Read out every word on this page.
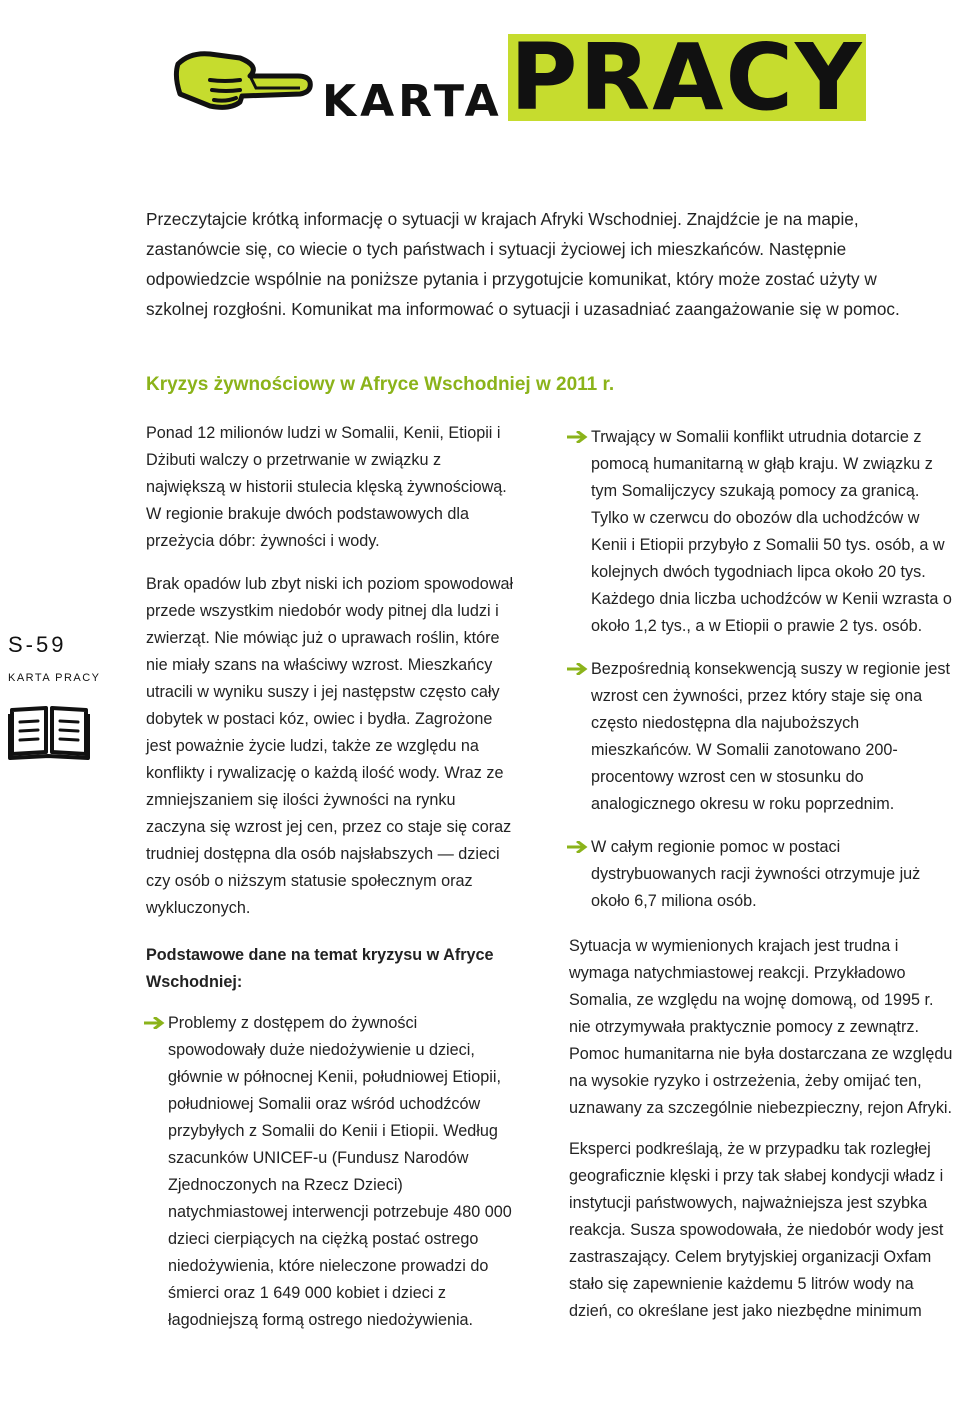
KARTA PRACY
Przeczytajcie krótką informację o sytuacji w krajach Afryki Wschodniej. Znajdźcie je na mapie, zastanówcie się, co wiecie o tych państwach i sytuacji życiowej ich mieszkańców. Następnie odpowiedzcie wspólnie na poniższe pytania i przygotujcie komunikat, który może zostać użyty w szkolnej rozgłośni. Komunikat ma informować o sytuacji i uzasadniać zaangażowanie się w pomoc.
Kryzys żywnościowy w Afryce Wschodniej w 2011 r.
S-59
KARTA PRACY

Ponad 12 milionów ludzi w Somalii, Kenii, Etiopii i Dżibuti walczy o przetrwanie w związku z największą w historii stulecia klęską żywnościową. W regionie brakuje dwóch podstawowych dla przeżycia dóbr: żywności i wody.

Brak opadów lub zbyt niski ich poziom spowodował przede wszystkim niedobór wody pitnej dla ludzi i zwierząt. Nie mówiąc już o uprawach roślin, które nie miały szans na właściwy wzrost. Mieszkańcy utracili w wyniku suszy i jej następstw często cały dobytek w postaci kóz, owiec i bydła. Zagrożone jest poważnie życie ludzi, także ze względu na konflikty i rywalizację o każdą ilość wody. Wraz ze zmniejszaniem się ilości żywności na rynku zaczyna się wzrost jej cen, przez co staje się coraz trudniej dostępna dla osób najsłabszych — dzieci czy osób o niższym statusie społecznym oraz wykluczonych.

Podstawowe dane na temat kryzysu w Afryce Wschodniej:

Problemy z dostępem do żywności spowodowały duże niedożywienie u dzieci, głównie w północnej Kenii, południowej Etiopii, południowej Somalii oraz wśród uchodźców przybyłych z Somalii do Kenii i Etiopii. Według szacunków UNICEF-u (Fundusz Narodów Zjednoczonych na Rzecz Dzieci) natychmiastowej interwencji potrzebuje 480 000 dzieci cierpiących na ciężką postać ostrego niedożywienia, które nieleczone prowadzi do śmierci oraz 1 649 000 kobiet i dzieci z łagodniejszą formą ostrego niedożywienia.
Trwający w Somalii konflikt utrudnia dotarcie z pomocą humanitarną w głąb kraju. W związku z tym Somalijczycy szukają pomocy za granicą. Tylko w czerwcu do obozów dla uchodźców w Kenii i Etiopii przybyło z Somalii 50 tys. osób, a w kolejnych dwóch tygodniach lipca około 20 tys. Każdego dnia liczba uchodźców w Kenii wzrasta o około 1,2 tys., a w Etiopii o prawie 2 tys. osób.
Bezpośrednią konsekwencją suszy w regionie jest wzrost cen żywności, przez który staje się ona często niedostępna dla najuboższych mieszkańców. W Somalii zanotowano 200-procentowy wzrost cen w stosunku do analogicznego okresu w roku poprzednim.
W całym regionie pomoc w postaci dystrybuowanych racji żywności otrzymuje już około 6,7 miliona osób.

Sytuacja w wymienionych krajach jest trudna i wymaga natychmiastowej reakcji. Przykładowo Somalia, ze względu na wojnę domową, od 1995 r. nie otrzymywała praktycznie pomocy z zewnątrz. Pomoc humanitarna nie była dostarczana ze względu na wysokie ryzyko i ostrzeżenia, żeby omijać ten, uznawany za szczególnie niebezpieczny, rejon Afryki.

Eksperci podkreślają, że w przypadku tak rozległej geograficznie klęski i przy tak słabej kondycji władz i instytucji państwowych, najważniejsza jest szybka reakcja. Susza spowodowała, że niedobór wody jest zastraszający. Celem brytyjskiej organizacji Oxfam stało się zapewnienie każdemu 5 litrów wody na dzień, co określane jest jako niezbędne minimum
